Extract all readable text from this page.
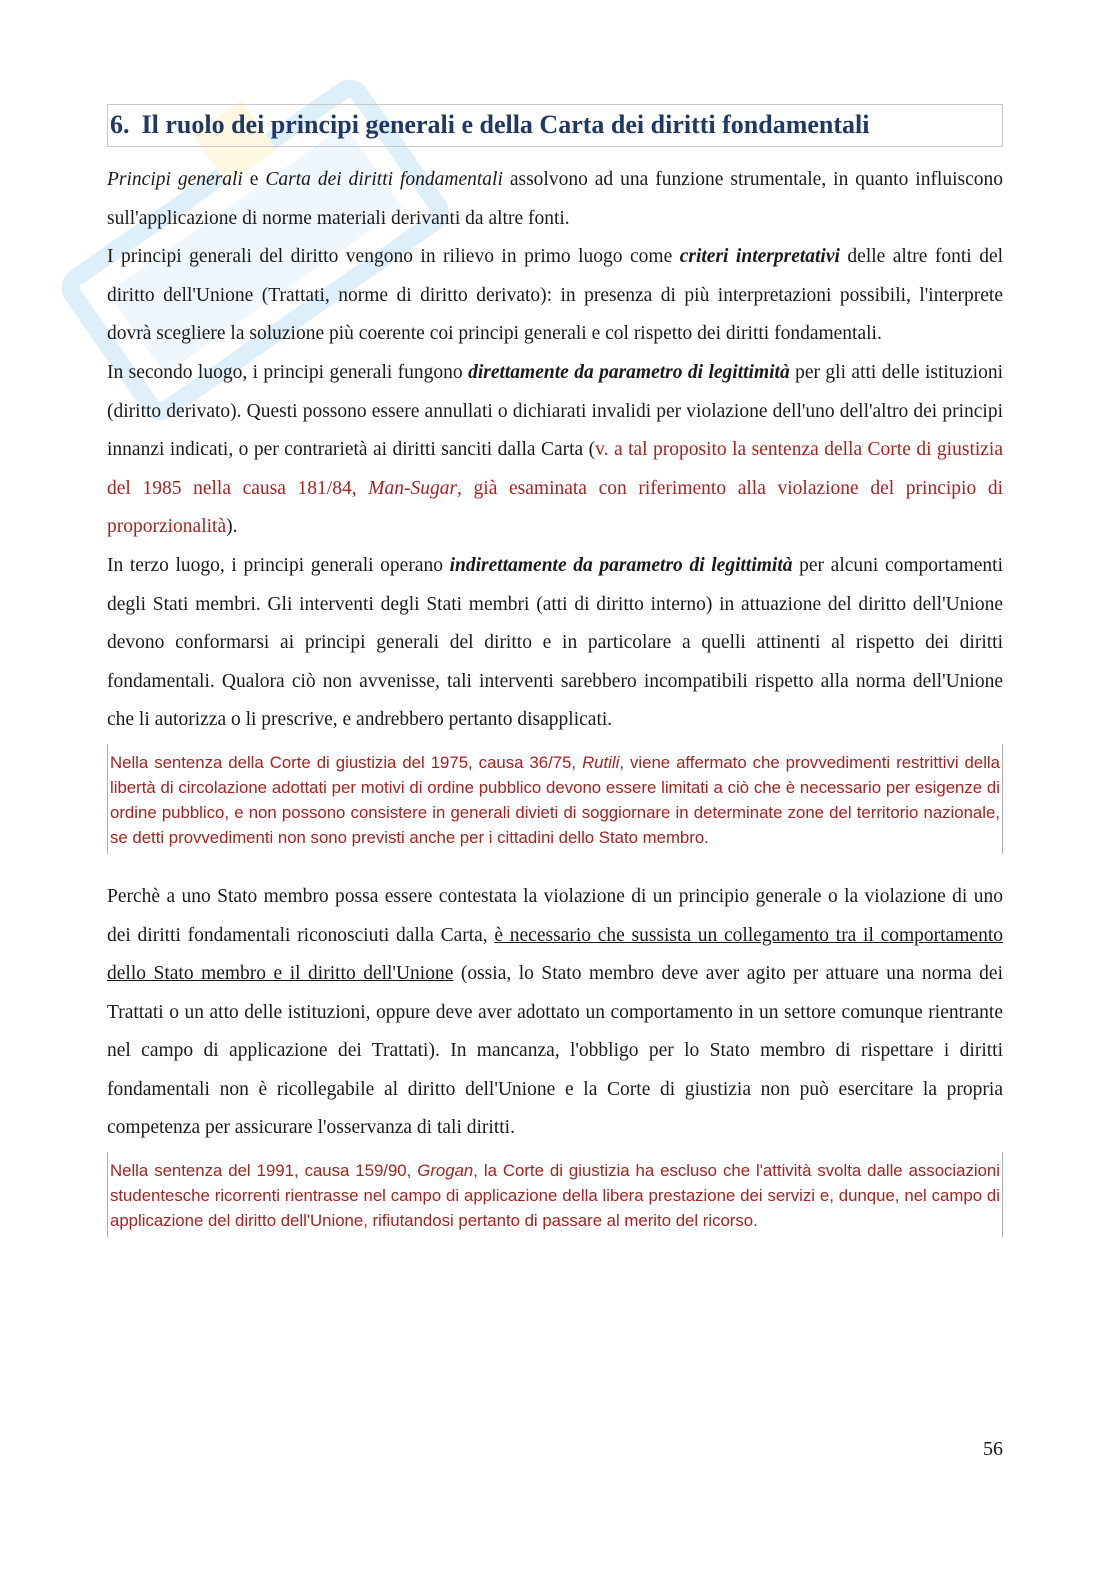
6. Il ruolo dei principi generali e della Carta dei diritti fondamentali

Principi generali e Carta dei diritti fondamentali assolvono ad una funzione strumentale, in quanto influiscono sull'applicazione di norme materiali derivanti da altre fonti.

I principi generali del diritto vengono in rilievo in primo luogo come criteri interpretativi delle altre fonti del diritto dell'Unione (Trattati, norme di diritto derivato): in presenza di più interpretazioni possibili, l'interprete dovrà scegliere la soluzione più coerente coi principi generali e col rispetto dei diritti fondamentali.

In secondo luogo, i principi generali fungono direttamente da parametro di legittimità per gli atti delle istituzioni (diritto derivato). Questi possono essere annullati o dichiarati invalidi per violazione dell'uno dell'altro dei principi innanzi indicati, o per contrarietà ai diritti sanciti dalla Carta (v. a tal proposito la sentenza della Corte di giustizia del 1985 nella causa 181/84, Man-Sugar, già esaminata con riferimento alla violazione del principio di proporzionalità).

In terzo luogo, i principi generali operano indirettamente da parametro di legittimità per alcuni comportamenti degli Stati membri. Gli interventi degli Stati membri (atti di diritto interno) in attuazione del diritto dell'Unione devono conformarsi ai principi generali del diritto e in particolare a quelli attinenti al rispetto dei diritti fondamentali. Qualora ciò non avvenisse, tali interventi sarebbero incompatibili rispetto alla norma dell'Unione che li autorizza o li prescrive, e andrebbero pertanto disapplicati.

Nella sentenza della Corte di giustizia del 1975, causa 36/75, Rutili, viene affermato che provvedimenti restrittivi della libertà di circolazione adottati per motivi di ordine pubblico devono essere limitati a ciò che è necessario per esigenze di ordine pubblico, e non possono consistere in generali divieti di soggiornare in determinate zone del territorio nazionale, se detti provvedimenti non sono previsti anche per i cittadini dello Stato membro.

Perchè a uno Stato membro possa essere contestata la violazione di un principio generale o la violazione di uno dei diritti fondamentali riconosciuti dalla Carta, è necessario che sussista un collegamento tra il comportamento dello Stato membro e il diritto dell'Unione (ossia, lo Stato membro deve aver agito per attuare una norma dei Trattati o un atto delle istituzioni, oppure deve aver adottato un comportamento in un settore comunque rientrante nel campo di applicazione dei Trattati). In mancanza, l'obbligo per lo Stato membro di rispettare i diritti fondamentali non è ricollegabile al diritto dell'Unione e la Corte di giustizia non può esercitare la propria competenza per assicurare l'osservanza di tali diritti.

Nella sentenza del 1991, causa 159/90, Grogan, la Corte di giustizia ha escluso che l'attività svolta dalle associazioni studentesche ricorrenti rientrasse nel campo di applicazione della libera prestazione dei servizi e, dunque, nel campo di applicazione del diritto dell'Unione, rifiutandosi pertanto di passare al merito del ricorso.
56
